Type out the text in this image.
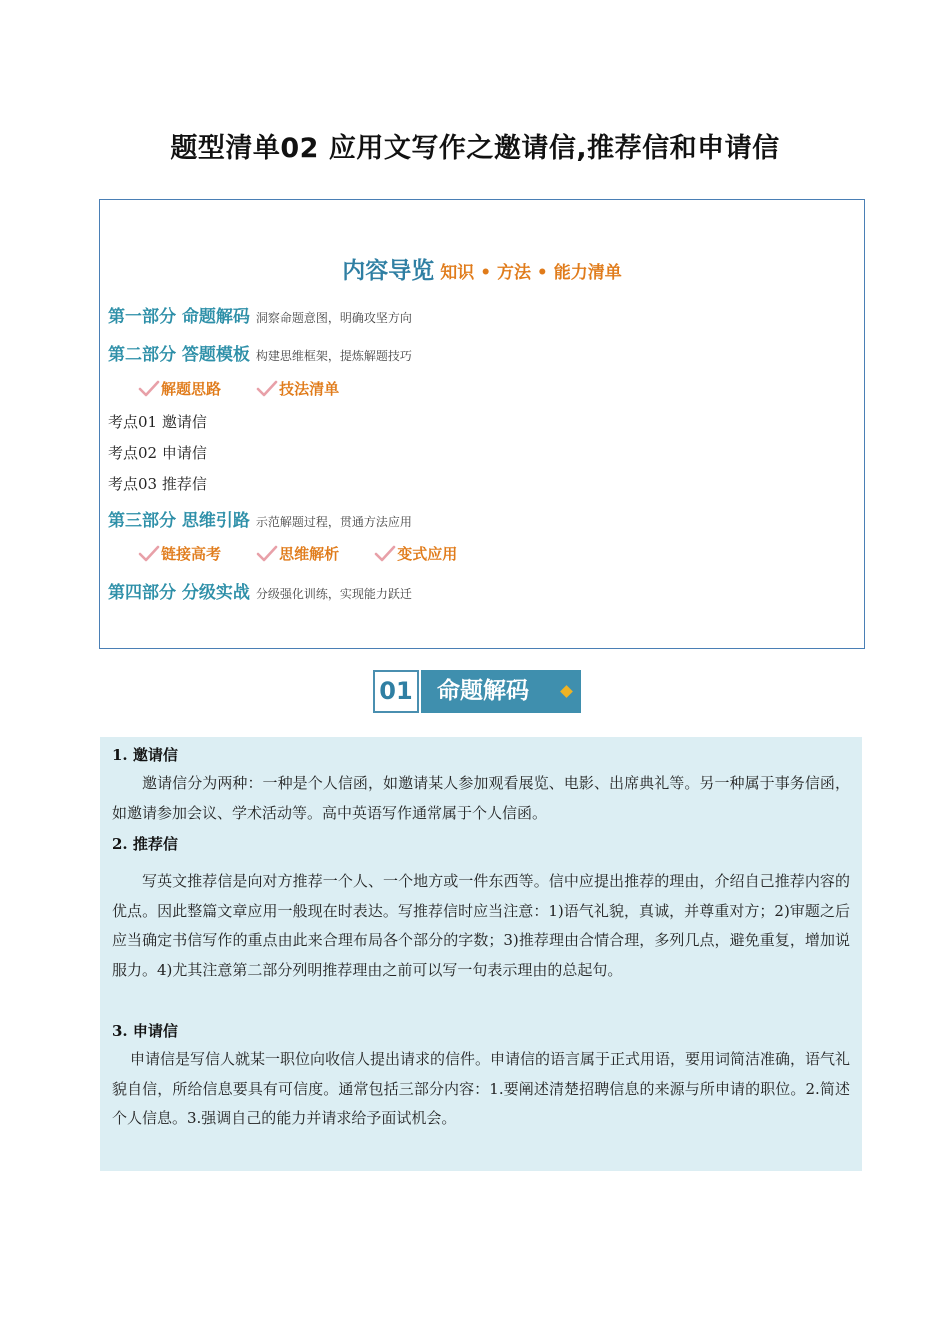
题型清单02 应用文写作之邀请信,推荐信和申请信
内容导览 知识 • 方法 • 能力清单
第一部分 命题解码 洞察命题意图，明确攻坚方向
第二部分 答题模板 构建思维框架，提炼解题技巧
解题思路
	技法清单
考点01 邀请信
考点02 申请信
考点03 推荐信
第三部分 思维引路 示范解题过程，贯通方法应用
链接高考
	思维解析
	变式应用
第四部分 分级实战 分级强化训练，实现能力跃迁
01	命题解码
1. 邀请信
邀请信分为两种：一种是个人信函，如邀请某人参加观看展览、电影、出席典礼等。另一种属于事务信函，如邀请参加会议、学术活动等。高中英语写作通常属于个人信函。
2. 推荐信
写英文推荐信是向对方推荐一个人、一个地方或一件东西等。信中应提出推荐的理由，介绍自己推荐内容的优点。因此整篇文章应用一般现在时表达。写推荐信时应当注意：1)语气礼貌，真诚，并尊重对方；2)审题之后应当确定书信写作的重点由此来合理布局各个部分的字数；3)推荐理由合情合理，多列几点，避免重复，增加说服力。4)尤其注意第二部分列明推荐理由之前可以写一句表示理由的总起句。
3. 申请信
申请信是写信人就某一职位向收信人提出请求的信件。申请信的语言属于正式用语，要用词简洁准确，语气礼貌自信，所给信息要具有可信度。通常包括三部分内容：1.要阐述清楚招聘信息的来源与所申请的职位。2.简述个人信息。3.强调自己的能力并请求给予面试机会。
